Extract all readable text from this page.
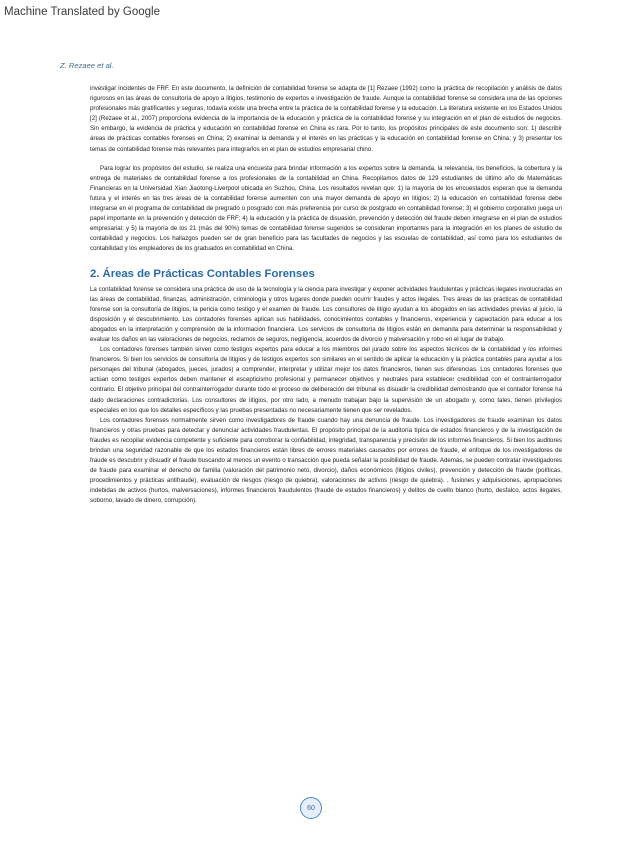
Machine Translated by Google
Z. Rezaee et al.

investigar incidentes de FRF. En este documento, la definición de contabilidad forense se adapta de [1] Rezaee (1992) como la práctica de recopilación y análisis de datos rigurosos en las áreas de consultoría de apoyo a litigios, testimonio de expertos e investigación de fraude. Aunque la contabilidad forense se considera una de las opciones profesionales más gratificantes y seguras, todavía existe una brecha entre la práctica de la contabilidad forense y la educación. La literatura existente en los Estados Unidos [2] (Rezaee et al., 2007) proporciona evidencia de la importancia de la educación y práctica de la contabilidad forense y su integración en el plan de estudios de negocios. Sin embargo, la evidencia de práctica y educación en contabilidad forense en China es rara. Por lo tanto, los propósitos principales de este documento son: 1) describir áreas de prácticas contables forenses en China; 2) examinar la demanda y el interés en las prácticas y la educación en contabilidad forense en China; y 3) presentar los temas de contabilidad forense más relevantes para integrarlos en el plan de estudios empresarial chino.

Para lograr los propósitos del estudio, se realiza una encuesta para brindar información a los expertos sobre la demanda, la relevancia, los beneficios, la cobertura y la entrega de materiales de contabilidad forense a los profesionales de la contabilidad en China. Recopilamos datos de 129 estudiantes de último año de Matemáticas Financieras en la Universidad Xian Jiaotong-Liverpool ubicada en Suzhou, China. Los resultados revelan que: 1) la mayoría de los encuestados esperan que la demanda futura y el interés en las tres áreas de la contabilidad forense aumenten con una mayor demanda de apoyo en litigios; 2) la educación en contabilidad forense debe integrarse en el programa de contabilidad de pregrado o posgrado con más preferencia por curso de postgrado en contabilidad forense; 3) el gobierno corporativo juega un papel importante en la prevención y detección de FRF; 4) la educación y la práctica de disuasión, prevención y detección del fraude deben integrarse en el plan de estudios empresarial; y 5) la mayoría de los 21 (más del 90%) temas de contabilidad forense sugeridos se consideran importantes para la integración en los planes de estudio de contabilidad y negocios. Los hallazgos pueden ser de gran beneficio para las facultades de negocios y las escuelas de contabilidad, así como para los estudiantes de contabilidad y los empleadores de los graduados en contabilidad en China.

2. Áreas de Prácticas Contables Forenses

La contabilidad forense se considera una práctica de uso de la tecnología y la ciencia para investigar y exponer actividades fraudulentas y prácticas ilegales involucradas en las áreas de contabilidad, finanzas, administración, criminología y otros lugares donde pueden ocurrir fraudes y actos ilegales. Tres áreas de las prácticas de contabilidad forense son la consultoría de litigios, la pericia como testigo y el examen de fraude. Los consultores de litigio ayudan a los abogados en las actividades previas al juicio, la disposición y el descubrimiento. Los contadores forenses aplican sus habilidades, conocimientos contables y financieros, experiencia y capacitación para educar a los abogados en la interpretación y comprensión de la información financiera. Los servicios de consultoría de litigios están en demanda para determinar la responsabilidad y evaluar los daños en las valoraciones de negocios, reclamos de seguros, negligencia, acuerdos de divorcio y malversación y robo en el lugar de trabajo.

Los contadores forenses también sirven como testigos expertos para educar a los miembros del jurado sobre los aspectos técnicos de la contabilidad y los informes financieros. Si bien los servicios de consultoría de litigios y de testigos expertos son similares en el sentido de aplicar la educación y la práctica contables para ayudar a los personajes del tribunal (abogados, jueces, jurados) a comprender, interpretar y utilizar mejor los datos financieros, tienen sus diferencias. Los contadores forenses que actúan como testigos expertos deben mantener el escepticismo profesional y permanecer objetivos y neutrales para establecer credibilidad con el contrainterrogador contrario. El objetivo principal del contrainterrogador durante todo el proceso de deliberación del tribunal es disuadir la credibilidad demostrando que el contador forense ha dado declaraciones contradictorias. Los consultores de litigios, por otro lado, a menudo trabajan bajo la supervisión de un abogado y, como tales, tienen privilegios especiales en los que los detalles específicos y las pruebas presentadas no necesariamente tienen que ser revelados.

Los contadores forenses normalmente sirven como investigadores de fraude cuando hay una denuncia de fraude. Los investigadores de fraude examinan los datos financieros y otras pruebas para detectar y denunciar actividades fraudulentas. El propósito principal de la auditoría típica de estados financieros y de la investigación de fraudes es recopilar evidencia competente y suficiente para corroborar la confiabilidad, integridad, transparencia y precisión de los informes financieros. Si bien los auditores brindan una seguridad razonable de que los estados financieros están libres de errores materiales causados por errores de fraude, el enfoque de los investigadores de fraude es descubrir y disuadir el fraude buscando al menos un evento o transacción que pueda señalar la posibilidad de fraude. Además, se pueden contratar investigadores de fraude para examinar el derecho de familia (valoración del patrimonio neto, divorcio), daños económicos (litigios civiles), prevención y detección de fraude (políticas, procedimientos y prácticas antifraude), evaluación de riesgos (riesgo de quiebra), valoraciones de activos (riesgo de quiebra). , fusiones y adquisiciones, apropiaciones indebidas de activos (hurtos, malversaciones), informes financieros fraudulentos (fraude de estados financieros) y delitos de cuello blanco (hurto, desfalco, actos ilegales, soborno, lavado de dinero, corrupción).

60
